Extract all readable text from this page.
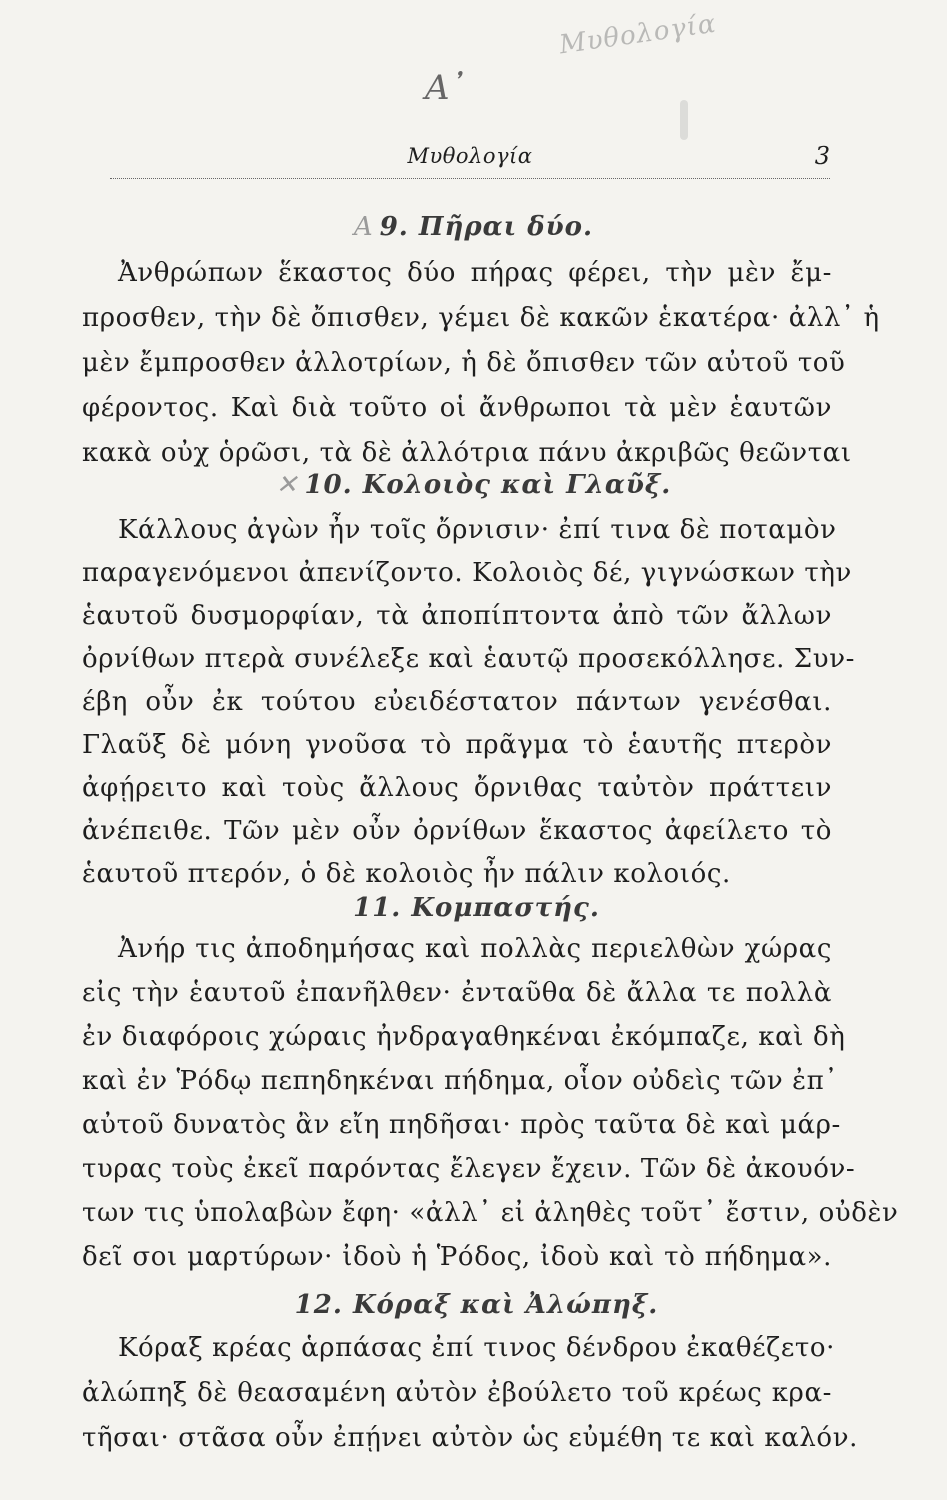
Μυθολογία
Α᾽
Μυθολογία	3
A 9. Πῆραι δύο.
Ἀνθρώπων ἕκαστος δύο πήρας φέρει, τὴν μὲν ἔμ-
προσθεν, τὴν δὲ ὄπισθεν, γέμει δὲ κακῶν ἑκατέρα· ἀλλ᾽ ἡ
μὲν ἔμπροσθεν ἀλλοτρίων, ἡ δὲ ὄπισθεν τῶν αὐτοῦ τοῦ
φέροντος. Καὶ διὰ τοῦτο οἱ ἄνθρωποι τὰ μὲν ἑαυτῶν
κακὰ οὐχ ὁρῶσι, τὰ δὲ ἀλλότρια πάνυ ἀκριβῶς θεῶνται
✕ 10. Κολοιὸς καὶ Γλαῦξ.
Κάλλους ἀγὼν ἦν τοῖς ὄρνισιν· ἐπί τινα δὲ ποταμὸν
παραγενόμενοι ἀπενίζοντο. Κολοιὸς δέ, γιγνώσκων τὴν
ἑαυτοῦ δυσμορφίαν, τὰ ἀποπίπτοντα ἀπὸ τῶν ἄλλων
ὀρνίθων πτερὰ συνέλεξε καὶ ἑαυτῷ προσεκόλλησε. Συν-
έβη οὖν ἐκ τούτου εὐειδέστατον πάντων γενέσθαι.
Γλαῦξ δὲ μόνη γνοῦσα τὸ πρᾶγμα τὸ ἑαυτῆς πτερὸν
ἀφῄρειτο καὶ τοὺς ἄλλους ὄρνιθας ταὐτὸν πράττειν
ἀνέπειθε. Τῶν μὲν οὖν ὀρνίθων ἕκαστος ἀφείλετο τὸ
ἑαυτοῦ πτερόν, ὁ δὲ κολοιὸς ἦν πάλιν κολοιός.
11. Κομπαστής.
Ἀνήρ τις ἀποδημήσας καὶ πολλὰς περιελθὼν χώρας
εἰς τὴν ἑαυτοῦ ἐπανῆλθεν· ἐνταῦθα δὲ ἄλλα τε πολλὰ
ἐν διαφόροις χώραις ἠνδραγαθηκέναι ἐκόμπαζε, καὶ δὴ
καὶ ἐν Ῥόδῳ πεπηδηκέναι πήδημα, οἷον οὐδεὶς τῶν ἐπ᾽
αὐτοῦ δυνατὸς ἂν εἴη πηδῆσαι· πρὸς ταῦτα δὲ καὶ μάρ-
τυρας τοὺς ἐκεῖ παρόντας ἔλεγεν ἔχειν. Τῶν δὲ ἀκουόν-
των τις ὑπολαβὼν ἔφη· «ἀλλ᾽ εἰ ἀληθὲς τοῦτ᾽ ἔστιν, οὐδὲν
δεῖ σοι μαρτύρων· ἰδοὺ ἡ Ῥόδος, ἰδοὺ καὶ τὸ πήδημα».
12. Κόραξ καὶ Ἀλώπηξ.
Κόραξ κρέας ἁρπάσας ἐπί τινος δένδρου ἐκαθέζετο·
ἀλώπηξ δὲ θεασαμένη αὐτὸν ἐβούλετο τοῦ κρέως κρα-
τῆσαι· στᾶσα οὖν ἐπῄνει αὐτὸν ὡς εὐμέθη τε καὶ καλόν.
